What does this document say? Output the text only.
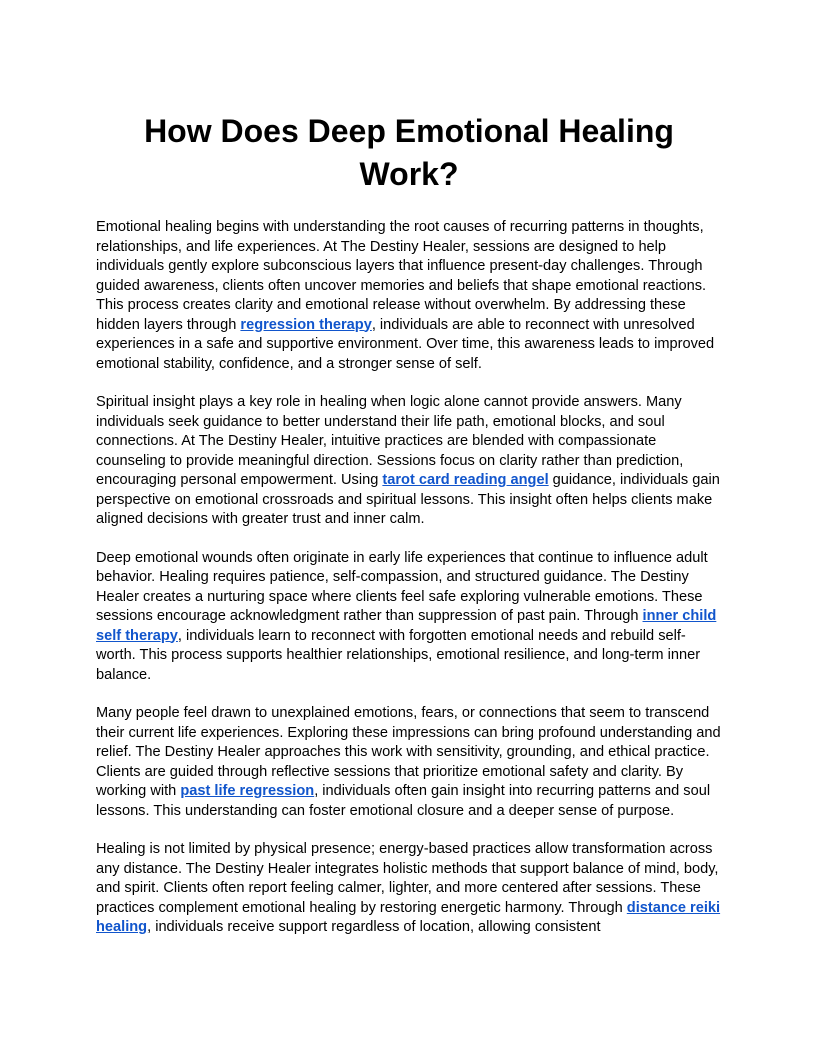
How Does Deep Emotional Healing Work?

Emotional healing begins with understanding the root causes of recurring patterns in thoughts, relationships, and life experiences. At The Destiny Healer, sessions are designed to help individuals gently explore subconscious layers that influence present-day challenges. Through guided awareness, clients often uncover memories and beliefs that shape emotional reactions. This process creates clarity and emotional release without overwhelm. By addressing these hidden layers through regression therapy, individuals are able to reconnect with unresolved experiences in a safe and supportive environment. Over time, this awareness leads to improved emotional stability, confidence, and a stronger sense of self.

Spiritual insight plays a key role in healing when logic alone cannot provide answers. Many individuals seek guidance to better understand their life path, emotional blocks, and soul connections. At The Destiny Healer, intuitive practices are blended with compassionate counseling to provide meaningful direction. Sessions focus on clarity rather than prediction, encouraging personal empowerment. Using tarot card reading angel guidance, individuals gain perspective on emotional crossroads and spiritual lessons. This insight often helps clients make aligned decisions with greater trust and inner calm.

Deep emotional wounds often originate in early life experiences that continue to influence adult behavior. Healing requires patience, self-compassion, and structured guidance. The Destiny Healer creates a nurturing space where clients feel safe exploring vulnerable emotions. These sessions encourage acknowledgment rather than suppression of past pain. Through inner child self therapy, individuals learn to reconnect with forgotten emotional needs and rebuild self-worth. This process supports healthier relationships, emotional resilience, and long-term inner balance.

Many people feel drawn to unexplained emotions, fears, or connections that seem to transcend their current life experiences. Exploring these impressions can bring profound understanding and relief. The Destiny Healer approaches this work with sensitivity, grounding, and ethical practice. Clients are guided through reflective sessions that prioritize emotional safety and clarity. By working with past life regression, individuals often gain insight into recurring patterns and soul lessons. This understanding can foster emotional closure and a deeper sense of purpose.

Healing is not limited by physical presence; energy-based practices allow transformation across any distance. The Destiny Healer integrates holistic methods that support balance of mind, body, and spirit. Clients often report feeling calmer, lighter, and more centered after sessions. These practices complement emotional healing by restoring energetic harmony. Through distance reiki healing, individuals receive support regardless of location, allowing consistent
